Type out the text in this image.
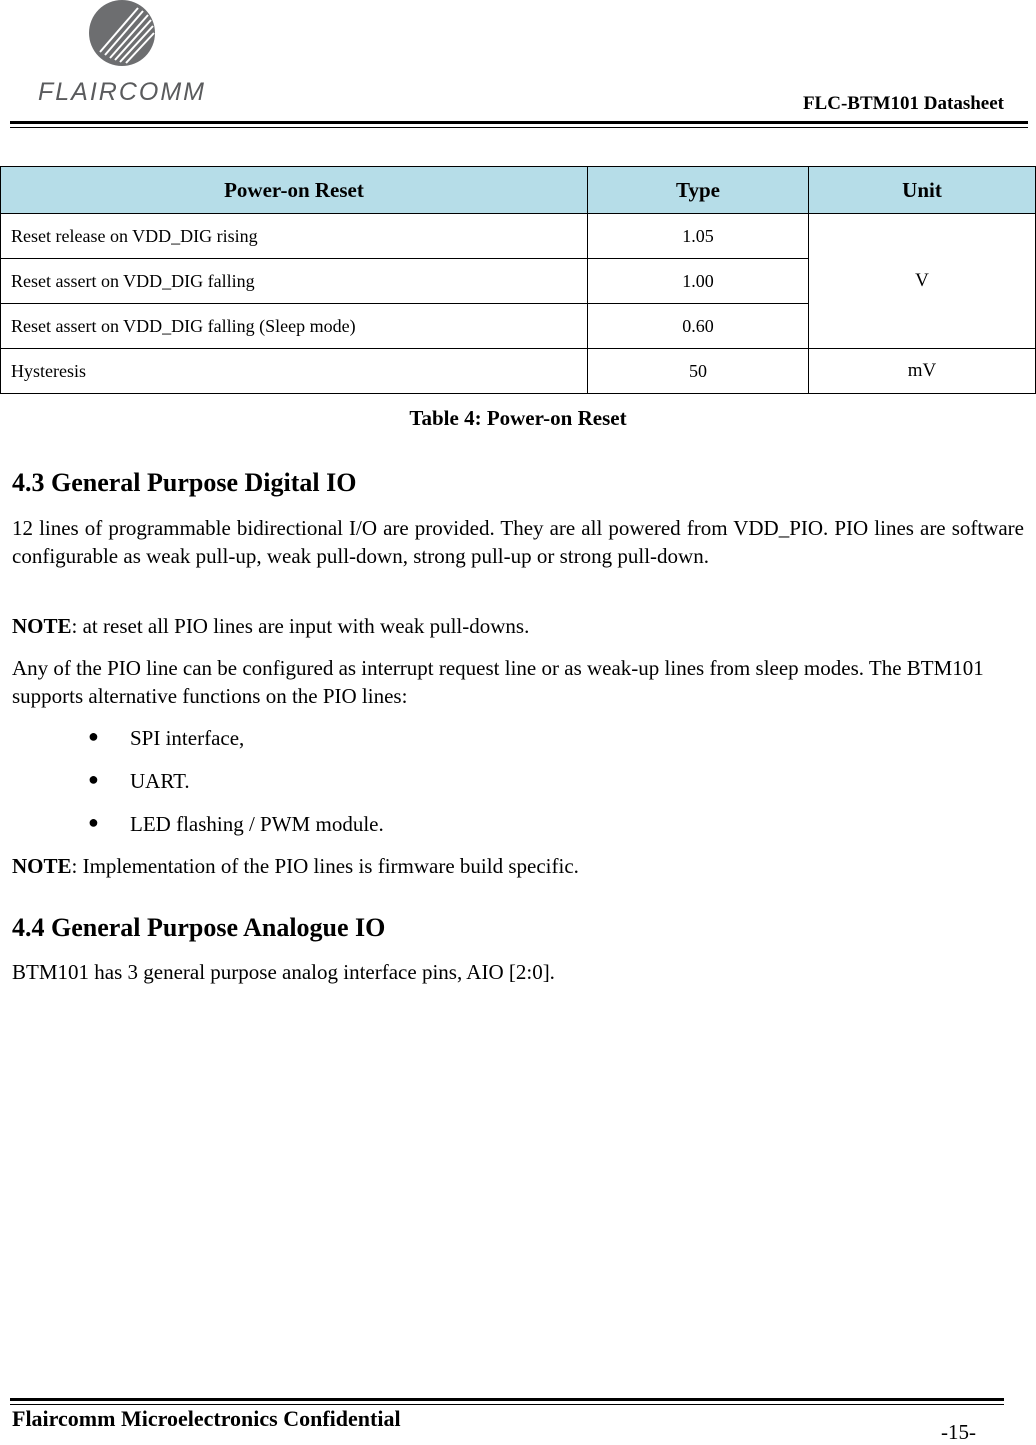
FLAIRCOMM	FLC-BTM101 Datasheet
Power-on Reset	Type	Unit
Reset release on VDD_DIG rising	1.05	V
Reset assert on VDD_DIG falling	1.00	
Reset assert on VDD_DIG falling (Sleep mode)	0.60	
Hysteresis	50	mV
Table 4: Power-on Reset
4.3 General Purpose Digital IO
12 lines of programmable bidirectional I/O are provided. They are all powered from VDD_PIO. PIO lines are software configurable as weak pull-up, weak pull-down, strong pull-up or strong pull-down.
NOTE: at reset all PIO lines are input with weak pull-downs.
Any of the PIO line can be configured as interrupt request line or as weak-up lines from sleep modes. The BTM101 supports alternative functions on the PIO lines:
● SPI interface,
● UART.
● LED flashing / PWM module.
NOTE: Implementation of the PIO lines is firmware build specific.
4.4 General Purpose Analogue IO
BTM101 has 3 general purpose analog interface pins, AIO [2:0].
Flaircomm Microelectronics Confidential
-15-
